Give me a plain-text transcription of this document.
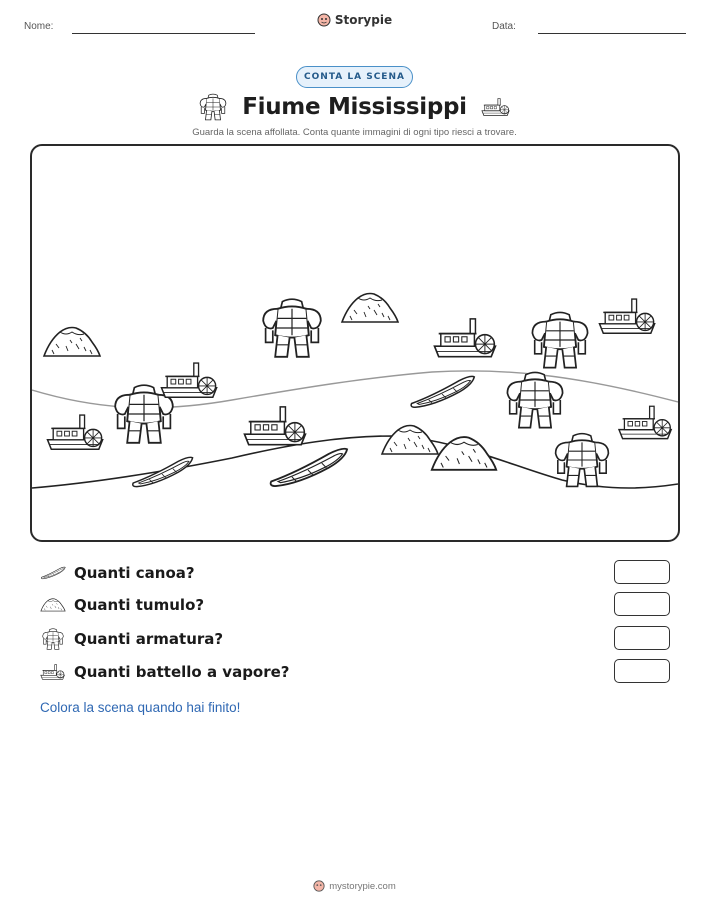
Nome:	Storypie	Data:
CONTA LA SCENA
Fiume Mississippi
Guarda la scena affollata. Conta quante immagini di ogni tipo riesci a trovare.
Quanti canoa?
Quanti tumulo?
Quanti armatura?
Quanti battello a vapore?
Colora la scena quando hai finito!
mystorypie.com
